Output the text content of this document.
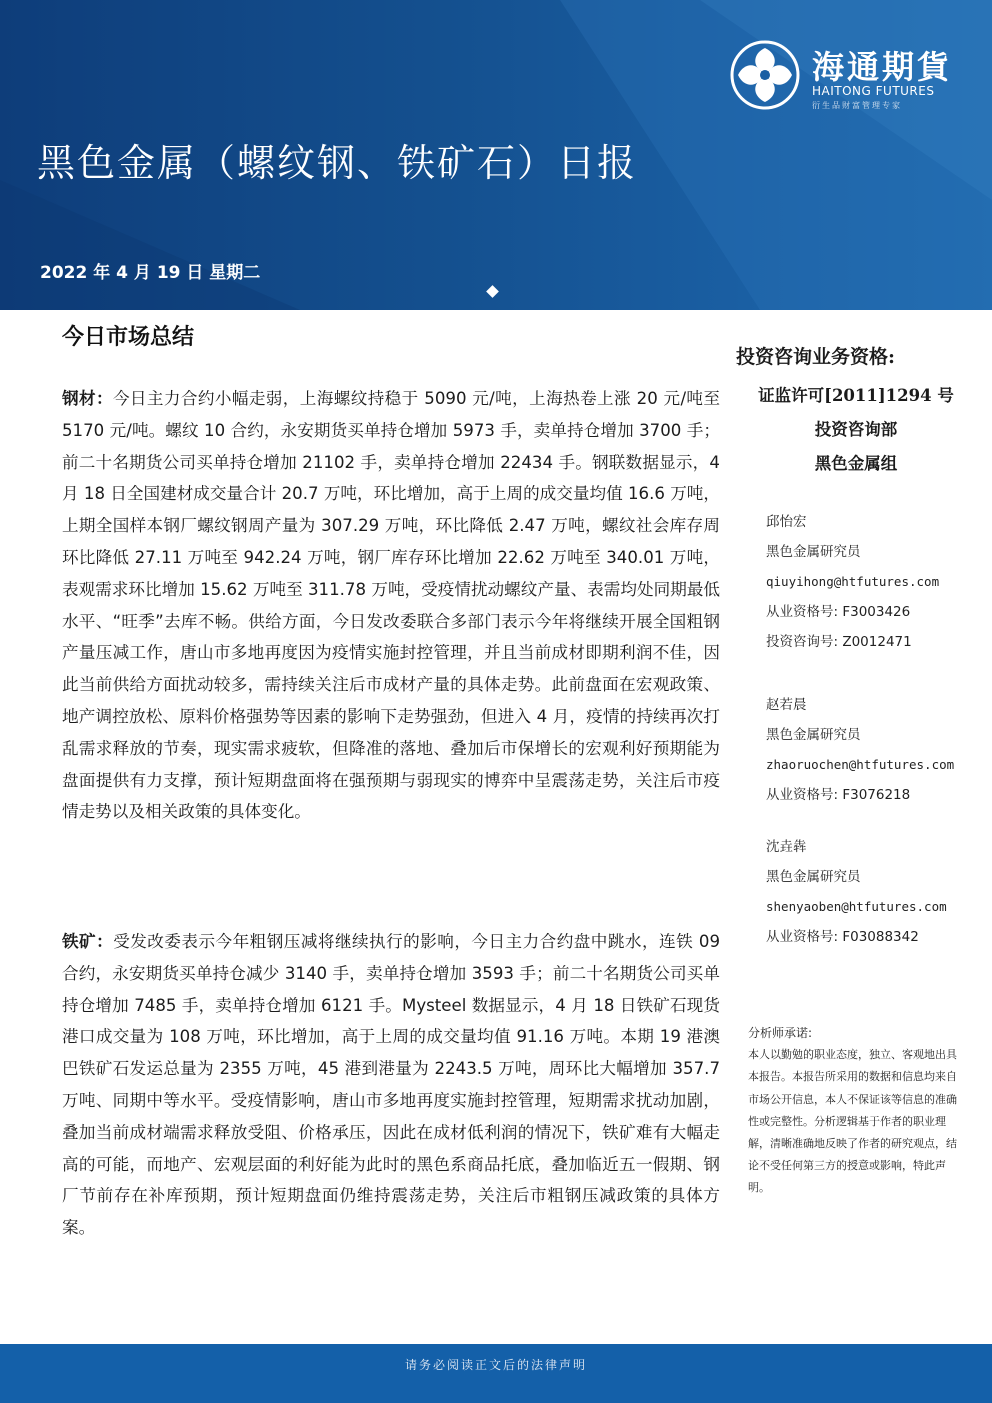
海通期貨
HAITONG FUTURES
衍生品财富管理专家
黑色金属（螺纹钢、铁矿石）日报
2022 年 4 月 19 日 星期二
今日市场总结
钢材：今日主力合约小幅走弱，上海螺纹持稳于 5090 元/吨，上海热卷上涨 20 元/吨至 5170 元/吨。螺纹 10 合约，永安期货买单持仓增加 5973 手，卖单持仓增加 3700 手；前二十名期货公司买单持仓增加 21102 手，卖单持仓增加 22434 手。钢联数据显示，4 月 18 日全国建材成交量合计 20.7 万吨，环比增加，高于上周的成交量均值 16.6 万吨，上期全国样本钢厂螺纹钢周产量为 307.29 万吨，环比降低 2.47 万吨，螺纹社会库存周环比降低 27.11 万吨至 942.24 万吨，钢厂库存环比增加 22.62 万吨至 340.01 万吨，表观需求环比增加 15.62 万吨至 311.78 万吨，受疫情扰动螺纹产量、表需均处同期最低水平、“旺季”去库不畅。供给方面，今日发改委联合多部门表示今年将继续开展全国粗钢产量压减工作，唐山市多地再度因为疫情实施封控管理，并且当前成材即期利润不佳，因此当前供给方面扰动较多，需持续关注后市成材产量的具体走势。此前盘面在宏观政策、地产调控放松、原料价格强势等因素的影响下走势强劲，但进入 4 月，疫情的持续再次打乱需求释放的节奏，现实需求疲软，但降准的落地、叠加后市保增长的宏观利好预期能为盘面提供有力支撑，预计短期盘面将在强预期与弱现实的博弈中呈震荡走势，关注后市疫情走势以及相关政策的具体变化。
铁矿：受发改委表示今年粗钢压减将继续执行的影响，今日主力合约盘中跳水，连铁 09 合约，永安期货买单持仓减少 3140 手，卖单持仓增加 3593 手；前二十名期货公司买单持仓增加 7485 手，卖单持仓增加 6121 手。Mysteel 数据显示，4 月 18 日铁矿石现货港口成交量为 108 万吨，环比增加，高于上周的成交量均值 91.16 万吨。本期 19 港澳巴铁矿石发运总量为 2355 万吨，45 港到港量为 2243.5 万吨，周环比大幅增加 357.7 万吨、同期中等水平。受疫情影响，唐山市多地再度实施封控管理，短期需求扰动加剧，叠加当前成材端需求释放受阻、价格承压，因此在成材低利润的情况下，铁矿难有大幅走高的可能，而地产、宏观层面的利好能为此时的黑色系商品托底，叠加临近五一假期、钢厂节前存在补库预期，预计短期盘面仍维持震荡走势，关注后市粗钢压减政策的具体方案。
投资咨询业务资格:
证监许可[2011]1294 号
投资咨询部
黑色金属组
邱怡宏
黑色金属研究员
qiuyihong@htfutures.com
从业资格号: F3003426
投资咨询号: Z0012471
赵若晨
黑色金属研究员
zhaoruochen@htfutures.com
从业资格号: F3076218
沈垚犇
黑色金属研究员
shenyaoben@htfutures.com
从业资格号: F03088342
分析师承诺:
本人以勤勉的职业态度，独立、客观地出具本报告。本报告所采用的数据和信息均来自市场公开信息，本人不保证该等信息的准确性或完整性。分析逻辑基于作者的职业理解，清晰准确地反映了作者的研究观点，结论不受任何第三方的授意或影响，特此声明。
请务必阅读正文后的法律声明
